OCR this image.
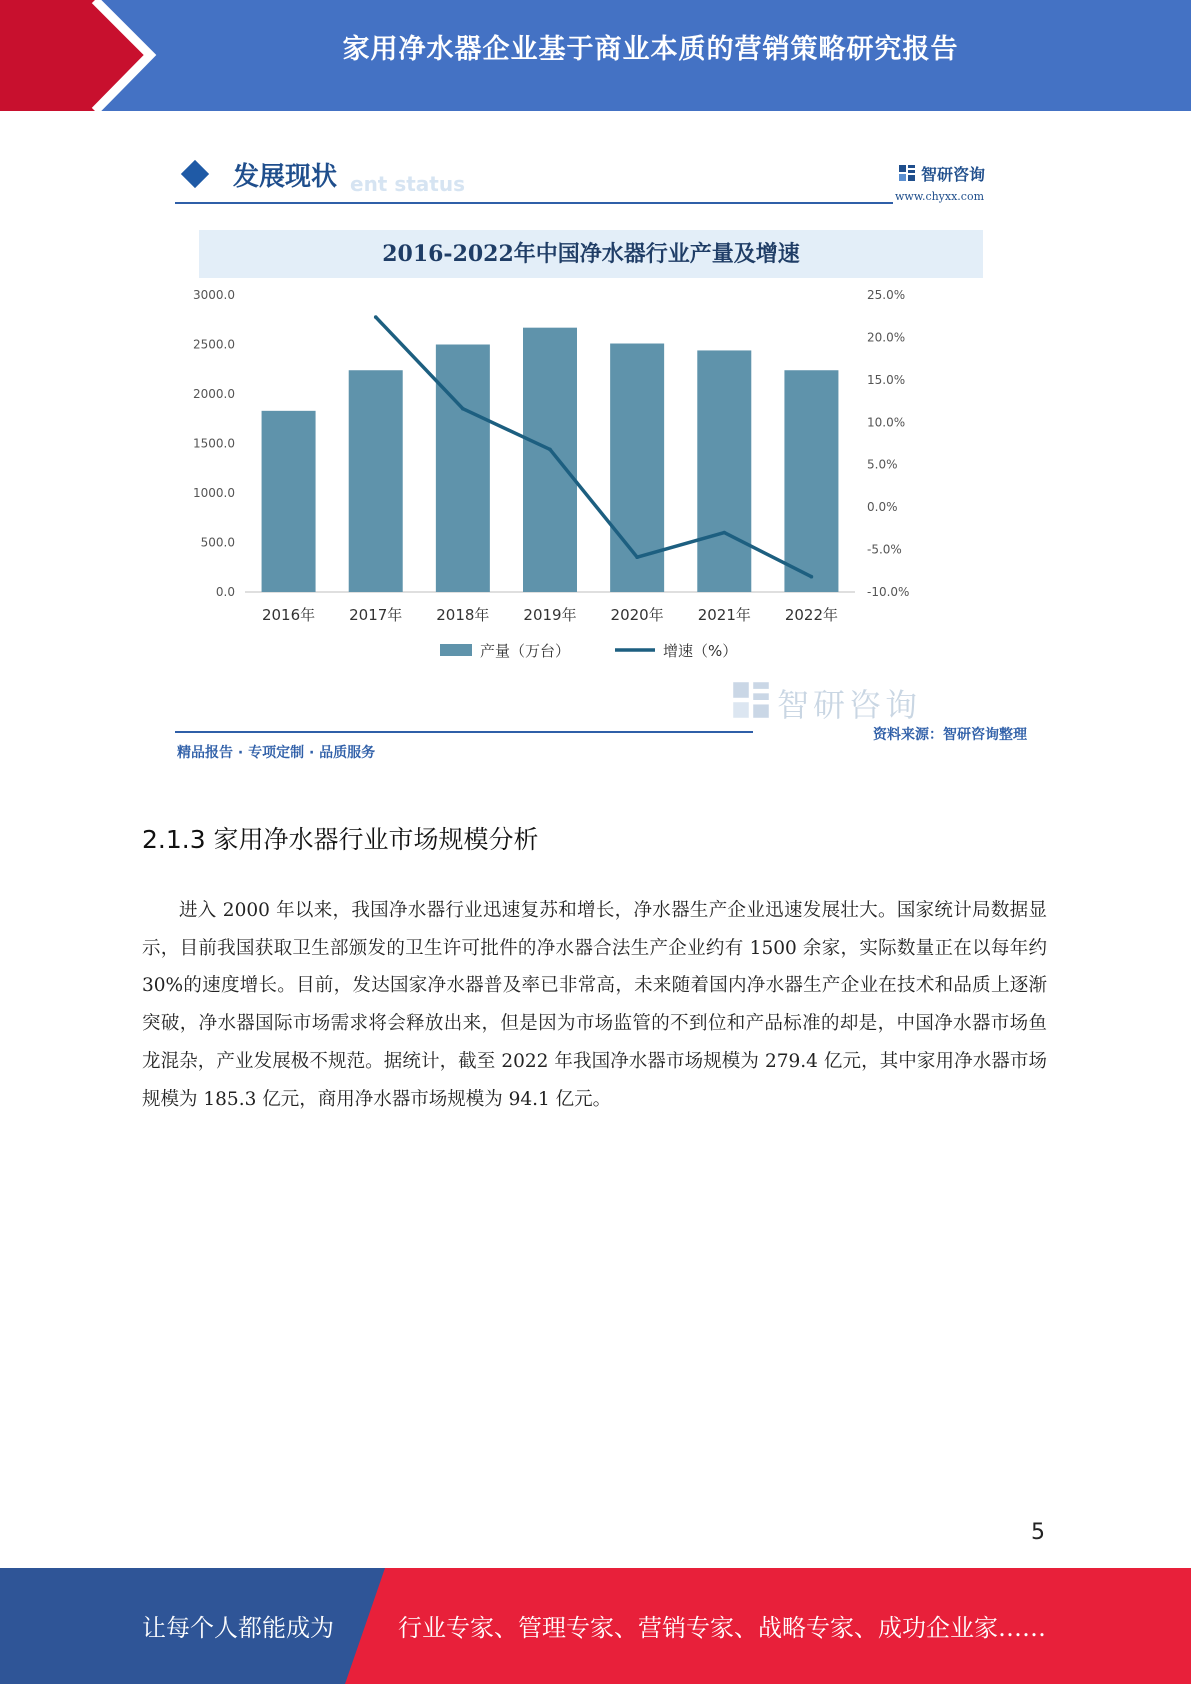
家用净水器企业基于商业本质的营销策略研究报告
ent status
发展现状	智研咨询
www.chyxx.com
2016-2022年中国净水器行业产量及增速
3000.0
2500.0
2000.0
1500.0
1000.0
500.0
0.0
25.0%
20.0%
15.0%
10.0%
5.0%
0.0%
-5.0%
-10.0%
2016年 2017年 2018年 2019年 2020年 2021年 2022年
产量（万台）	增速（%）
智研咨询
精品报告 · 专项定制 · 品质服务
资料来源：智研咨询整理
2.1.3 家用净水器行业市场规模分析
进入 2000 年以来，我国净水器行业迅速复苏和增长，净水器生产企业迅速发展壮大。国家统计局数据显示，目前我国获取卫生部颁发的卫生许可批件的净水器合法生产企业约有 1500 余家，实际数量正在以每年约 30%的速度增长。目前，发达国家净水器普及率已非常高，未来随着国内净水器生产企业在技术和品质上逐渐突破，净水器国际市场需求将会释放出来，但是因为市场监管的不到位和产品标准的却是，中国净水器市场鱼龙混杂，产业发展极不规范。据统计，截至 2022 年我国净水器市场规模为 279.4 亿元，其中家用净水器市场规模为 185.3 亿元，商用净水器市场规模为 94.1 亿元。
5
让每个人都能成为	行业专家、管理专家、营销专家、战略专家、成功企业家……
